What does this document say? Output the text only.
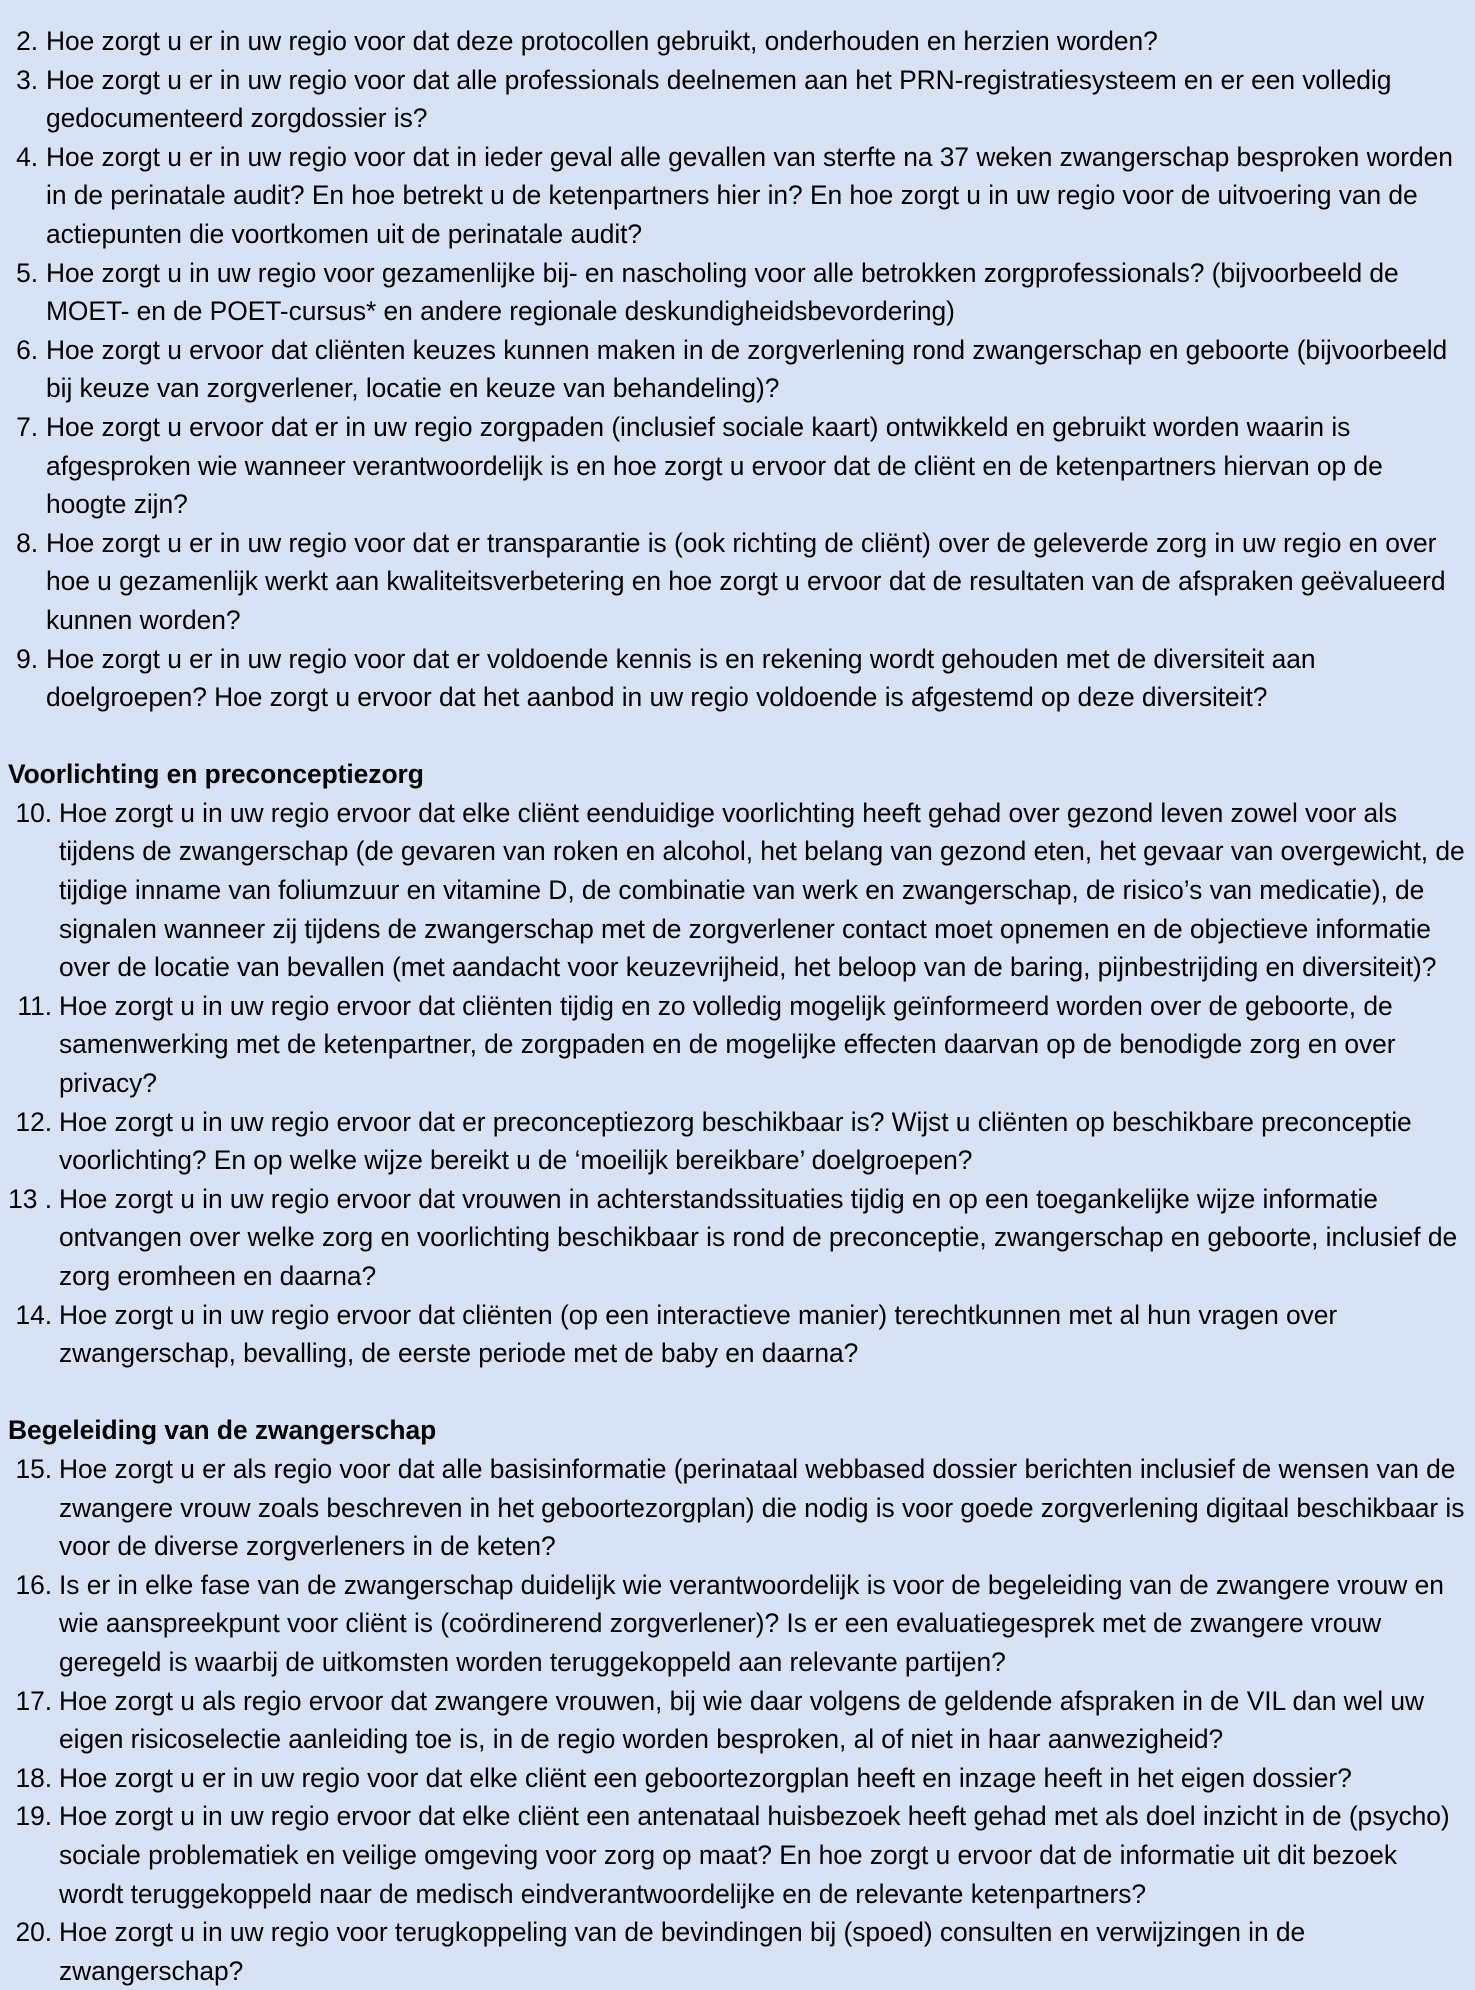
2. Hoe zorgt u er in uw regio voor dat deze protocollen gebruikt, onderhouden en herzien worden?
3. Hoe zorgt u er in uw regio voor dat alle professionals deelnemen aan het PRN-registratiesysteem en er een volledig gedocumenteerd zorgdossier is?
4. Hoe zorgt u er in uw regio voor dat in ieder geval alle gevallen van sterfte na 37 weken zwangerschap besproken worden in de perinatale audit? En hoe betrekt u de ketenpartners hier in? En hoe zorgt u in uw regio voor de uitvoering van de actiepunten die voortkomen uit de perinatale audit?
5. Hoe zorgt u in uw regio voor gezamenlijke bij- en nascholing voor alle betrokken zorgprofessionals? (bijvoorbeeld de MOET- en de POET-cursus* en andere regionale deskundigheidsbevordering)
6. Hoe zorgt u ervoor dat cliënten keuzes kunnen maken in de zorgverlening rond zwangerschap en geboorte (bijvoorbeeld bij keuze van zorgverlener, locatie en keuze van behandeling)?
7. Hoe zorgt u ervoor dat er in uw regio zorgpaden (inclusief sociale kaart) ontwikkeld en gebruikt worden waarin is afgesproken wie wanneer verantwoordelijk is en hoe zorgt u ervoor dat de cliënt en de ketenpartners hiervan op de hoogte zijn?
8. Hoe zorgt u er in uw regio voor dat er transparantie is (ook richting de cliënt) over de geleverde zorg in uw regio en over hoe u gezamenlijk werkt aan kwaliteitsverbetering en hoe zorgt u ervoor dat de resultaten van de afspraken geëvalueerd kunnen worden?
9. Hoe zorgt u er in uw regio voor dat er voldoende kennis is en rekening wordt gehouden met de diversiteit aan doelgroepen? Hoe zorgt u ervoor dat het aanbod in uw regio voldoende is afgestemd op deze diversiteit?
Voorlichting en preconceptiezorg
10. Hoe zorgt u in uw regio ervoor dat elke cliënt eenduidige voorlichting heeft gehad over gezond leven zowel voor als tijdens de zwangerschap (de gevaren van roken en alcohol, het belang van gezond eten, het gevaar van overgewicht, de tijdige inname van foliumzuur en vitamine D, de combinatie van werk en zwangerschap, de risico’s van medicatie), de signalen wanneer zij tijdens de zwangerschap met de zorgverlener contact moet opnemen en de objectieve informatie over de locatie van bevallen (met aandacht voor keuzevrijheid, het beloop van de baring, pijnbestrijding en diversiteit)?
11. Hoe zorgt u in uw regio ervoor dat cliënten tijdig en zo volledig mogelijk geïnformeerd worden over de geboorte, de samenwerking met de ketenpartner, de zorgpaden en de mogelijke effecten daarvan op de benodigde zorg en over privacy?
12. Hoe zorgt u in uw regio ervoor dat er preconceptiezorg beschikbaar is? Wijst u cliënten op beschikbare preconceptie voorlichting? En op welke wijze bereikt u de ‘moeilijk bereikbare’ doelgroepen?
13 . Hoe zorgt u in uw regio ervoor dat vrouwen in achterstandssituaties tijdig en op een toegankelijke wijze informatie ontvangen over welke zorg en voorlichting beschikbaar is rond de preconceptie, zwangerschap en geboorte, inclusief de zorg eromheen en daarna?
14. Hoe zorgt u in uw regio ervoor dat cliënten (op een interactieve manier) terechtkunnen met al hun vragen over zwangerschap, bevalling, de eerste periode met de baby en daarna?
Begeleiding van de zwangerschap
15. Hoe zorgt u er als regio voor dat alle basisinformatie (perinataal webbased dossier berichten inclusief de wensen van de zwangere vrouw zoals beschreven in het geboortezorgplan) die nodig is voor goede zorgverlening digitaal beschikbaar is voor de diverse zorgverleners in de keten?
16. Is er in elke fase van de zwangerschap duidelijk wie verantwoordelijk is voor de begeleiding van de zwangere vrouw en wie aanspreekpunt voor cliënt is (coördinerend zorgverlener)? Is er een evaluatiegesprek met de zwangere vrouw geregeld is waarbij de uitkomsten worden teruggekoppeld aan relevante partijen?
17. Hoe zorgt u als regio ervoor dat zwangere vrouwen, bij wie daar volgens de geldende afspraken in de VIL dan wel uw eigen risicoselectie aanleiding toe is, in de regio worden besproken, al of niet in haar aanwezigheid?
18. Hoe zorgt u er in uw regio voor dat elke cliënt een geboortezorgplan heeft en inzage heeft in het eigen dossier?
19. Hoe zorgt u in uw regio ervoor dat elke cliënt een antenataal huisbezoek heeft gehad met als doel inzicht in de (psycho) sociale problematiek en veilige omgeving voor zorg op maat? En hoe zorgt u ervoor dat de informatie uit dit bezoek wordt teruggekoppeld naar de medisch eindverantwoordelijke en de relevante ketenpartners?
20. Hoe zorgt u in uw regio voor terugkoppeling van de bevindingen bij (spoed) consulten en verwijzingen in de zwangerschap?
